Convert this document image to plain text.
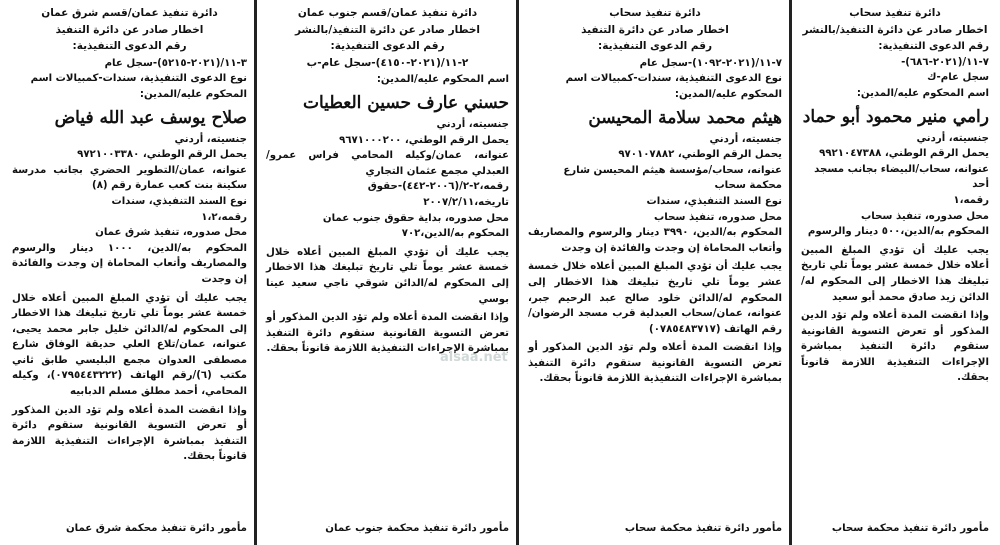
دائرة تنفيذ سحاب
اخطار صادر عن دائرة التنفيذ/بالنشر
رقم الدعوى التنفيذية: ٧-١١/(٢٠٢١-٦٨٦)-
سجل عام-ك
اسم المحكوم عليه/المدين:
رامي منير محمود أبو حماد
جنسيته، أردني
يحمل الرقم الوطني، ٩٩٢١٠٤٧٣٨٨
عنوانه، سحاب/البيضاء بجانب مسجد أحد
رقمه،١
محل صدوره، تنفيذ سحاب
المحكوم به/الدين،٥٠٠ دينار والرسوم
يجب عليك أن تؤدي المبلغ المبين أعلاه خلال خمسة عشر يوماً تلي تاريخ تبليغك هذا الاخطار إلى المحكوم له/ الدائن زيد صادق محمد أبو سعيد
وإذا انقضت المدة أعلاه ولم تؤد الدين المذكور أو تعرض التسوية القانونية ستقوم دائرة التنفيذ بمباشرة الإجراءات التنفيذية اللازمة قانوناً بحقك.
مأمور دائرة تنفيذ محكمة سحاب
دائرة تنفيذ سحاب
اخطار صادر عن دائرة التنفيذ
رقم الدعوى التنفيذية:
٧-١١/(٢٠٢١-١٠٩٢)-سجل عام
نوع الدعوى التنفيذية، سندات-كمبيالات اسم المحكوم عليه/المدين:
هيثم محمد سلامة المحيسن
جنسيته، أردني
يحمل الرقم الوطني، ٩٧٠١٠٧٨٨٢
عنوانه، سحاب/مؤسسة هيثم المحيسن شارع محكمة سحاب
نوع السند التنفيذي، سندات
محل صدوره، تنفيذ سحاب
المحكوم به/الدين، ٣٩٩٠ دينار والرسوم والمصاريف وأتعاب المحاماة إن وجدت والفائدة إن وجدت
يجب عليك أن تؤدي المبلغ المبين أعلاه خلال خمسة عشر يوماً تلي تاريخ تبليغك هذا الاخطار إلى المحكوم له/الدائن خلود صالح عبد الرحيم جبر، عنوانه، عمان/سحاب العبدلية قرب مسجد الرضوان/رقم الهاتف (٠٧٨٥٤٨٣٧١٧)
وإذا انقضت المدة أعلاه ولم تؤد الدين المذكور أو تعرض التسوية القانونية ستقوم دائرة التنفيذ بمباشرة الإجراءات التنفيذية اللازمة قانوناً بحقك.
مأمور دائرة تنفيذ محكمة سحاب
دائرة تنفيذ عمان/قسم جنوب عمان
اخطار صادر عن دائرة التنفيذ/بالنشر
رقم الدعوى التنفيذية:
٢-١١/(٢٠٢١-٤١٥٠)-سجل عام-ب
اسم المحكوم عليه/المدين:
حسني عارف حسين العطيات
جنسيته، أردني
يحمل الرقم الوطني، ٩٦٧١٠٠٠٢٠٠
عنوانه، عمان/وكيله المحامي فراس عمرو/ العبدلي مجمع عثمان التجاري
رقمه،٢-٢/(٢٠٠٦-٤٤٢)-حقوق
تاريخه،٢٠٠٧/٢/١١
محل صدوره، بداية حقوق جنوب عمان
المحكوم به/الدين،٧٠٢
يجب عليك أن تؤدي المبلغ المبين أعلاه خلال خمسة عشر يوماً تلي تاريخ تبليغك هذا الاخطار إلى المحكوم له/الدائن شوقي ناجي سعيد عينا بوسي
وإذا انقضت المدة أعلاه ولم تؤد الدين المذكور أو تعرض التسوية القانونية ستقوم دائرة التنفيذ بمباشرة الإجراءات التنفيذية اللازمة قانوناً بحقك.
مأمور دائرة تنفيذ محكمة جنوب عمان
دائرة تنفيذ عمان/قسم شرق عمان
اخطار صادر عن دائرة التنفيذ
رقم الدعوى التنفيذية:
٣-١١/(٢٠٢١-٥٢١٥)-سجل عام
نوع الدعوى التنفيذية، سندات-كمبيالات اسم المحكوم عليه/المدين:
صلاح يوسف عبد الله فياض
جنسيته، أردني
يحمل الرقم الوطني، ٩٧٢١٠٠٣٣٨٠
عنوانه، عمان/التطوير الحضري بجانب مدرسة سكينة بنت كعب عمارة رقم (٨)
نوع السند التنفيذي، سندات
رقمه،١،٢
محل صدوره، تنفيذ شرق عمان
المحكوم به/الدين، ١٠٠٠ دينار والرسوم والمصاريف وأتعاب المحاماة إن وجدت والفائدة إن وجدت
يجب عليك أن تؤدي المبلغ المبين أعلاه خلال خمسة عشر يوماً تلي تاريخ تبليغك هذا الاخطار إلى المحكوم له/الدائن خليل جابر محمد يحيى، عنوانه، عمان/تلاع العلي حديقة الوفاق شارع مصطفى العدوان مجمع البليسي طابق ثاني مكتب (٦)/رقم الهاتف (٠٧٩٥٤٤٣٢٢٢)، وكيله المحامي، أحمد مطلق مسلم الدبابيه
وإذا انقضت المدة أعلاه ولم تؤد الدين المذكور أو تعرض التسوية القانونية ستقوم دائرة التنفيذ بمباشرة الإجراءات التنفيذية اللازمة قانوناً بحقك.
مأمور دائرة تنفيذ محكمة شرق عمان
alsaa.net
